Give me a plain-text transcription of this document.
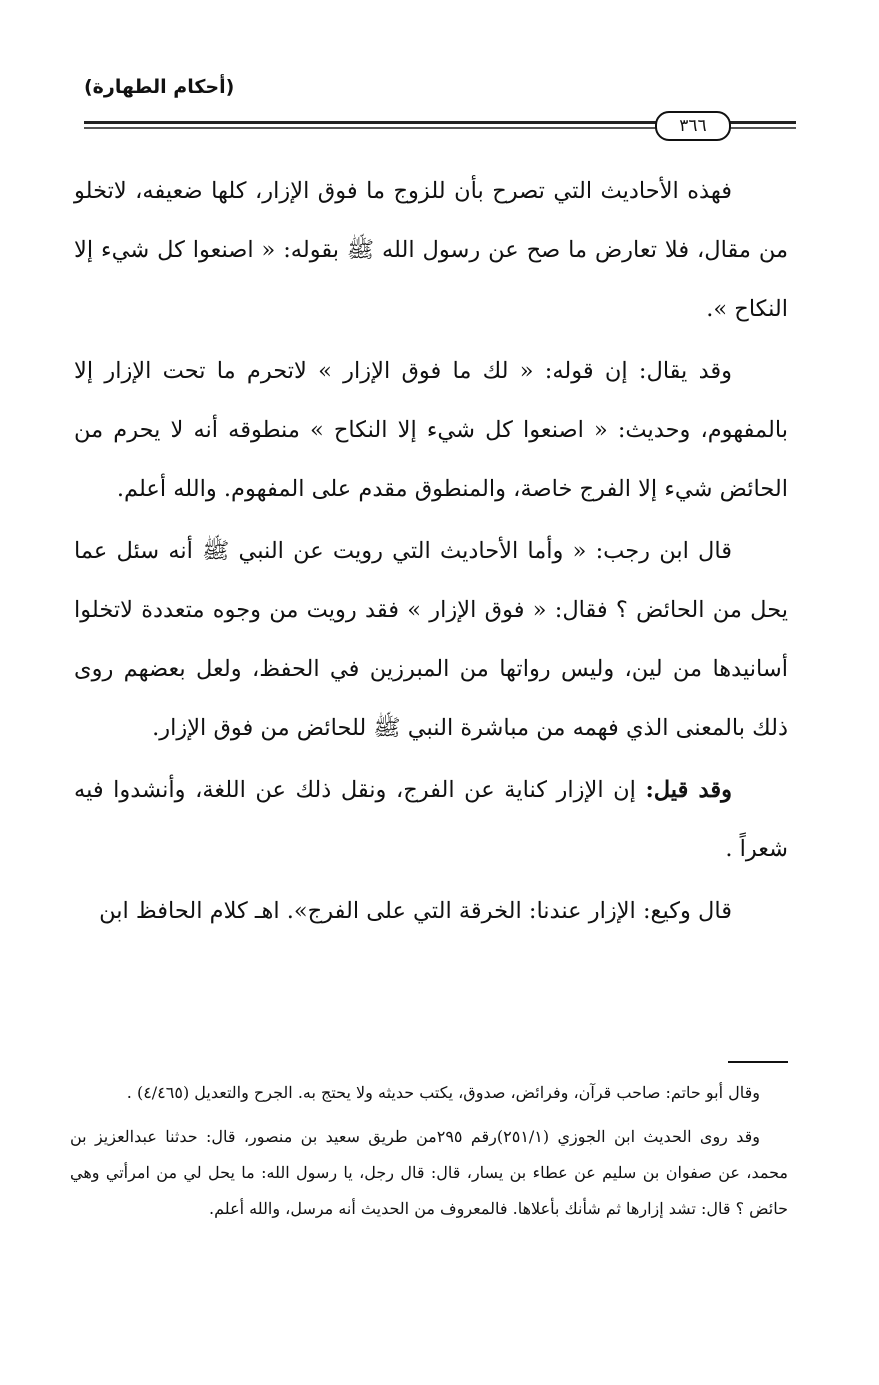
(أحكام الطهارة)
٣٦٦

فهذه الأحاديث التي تصرح بأن للزوج ما فوق الإزار، كلها ضعيفه، لاتخلو من مقال، فلا تعارض ما صح عن رسول الله ﷺ بقوله: « اصنعوا كل شيء إلا النكاح ».

وقد يقال: إن قوله: « لك ما فوق الإزار » لاتحرم ما تحت الإزار إلا بالمفهوم، وحديث: « اصنعوا كل شيء إلا النكاح » منطوقه أنه لا يحرم من الحائض شيء إلا الفرج خاصة، والمنطوق مقدم على المفهوم. والله أعلم.

قال ابن رجب: « وأما الأحاديث التي رويت عن النبي ﷺ أنه سئل عما يحل من الحائض ؟ فقال: « فوق الإزار » فقد رويت من وجوه متعددة لاتخلوا أسانيدها من لين، وليس رواتها من المبرزين في الحفظ، ولعل بعضهم روى ذلك بالمعنى الذي فهمه من مباشرة النبي ﷺ للحائض من فوق الإزار.

وقد قيل: إن الإزار كناية عن الفرج، ونقل ذلك عن اللغة، وأنشدوا فيه شعراً .

قال وكيع: الإزار عندنا: الخرقة التي على الفرج». اهـ كلام الحافظ ابن

وقال أبو حاتم: صاحب قرآن، وفرائض، صدوق، يكتب حديثه ولا يحتج به. الجرح والتعديل (٤/٤٦٥) .

وقد روى الحديث ابن الجوزي (٢٥١/١)رقم ٢٩٥من طريق سعيد بن منصور، قال: حدثنا عبدالعزيز بن محمد، عن صفوان بن سليم عن عطاء بن يسار، قال: قال رجل، يا رسول الله: ما يحل لي من امرأتي وهي حائض ؟ قال: تشد إزارها ثم شأنك بأعلاها. فالمعروف من الحديث أنه مرسل، والله أعلم.
